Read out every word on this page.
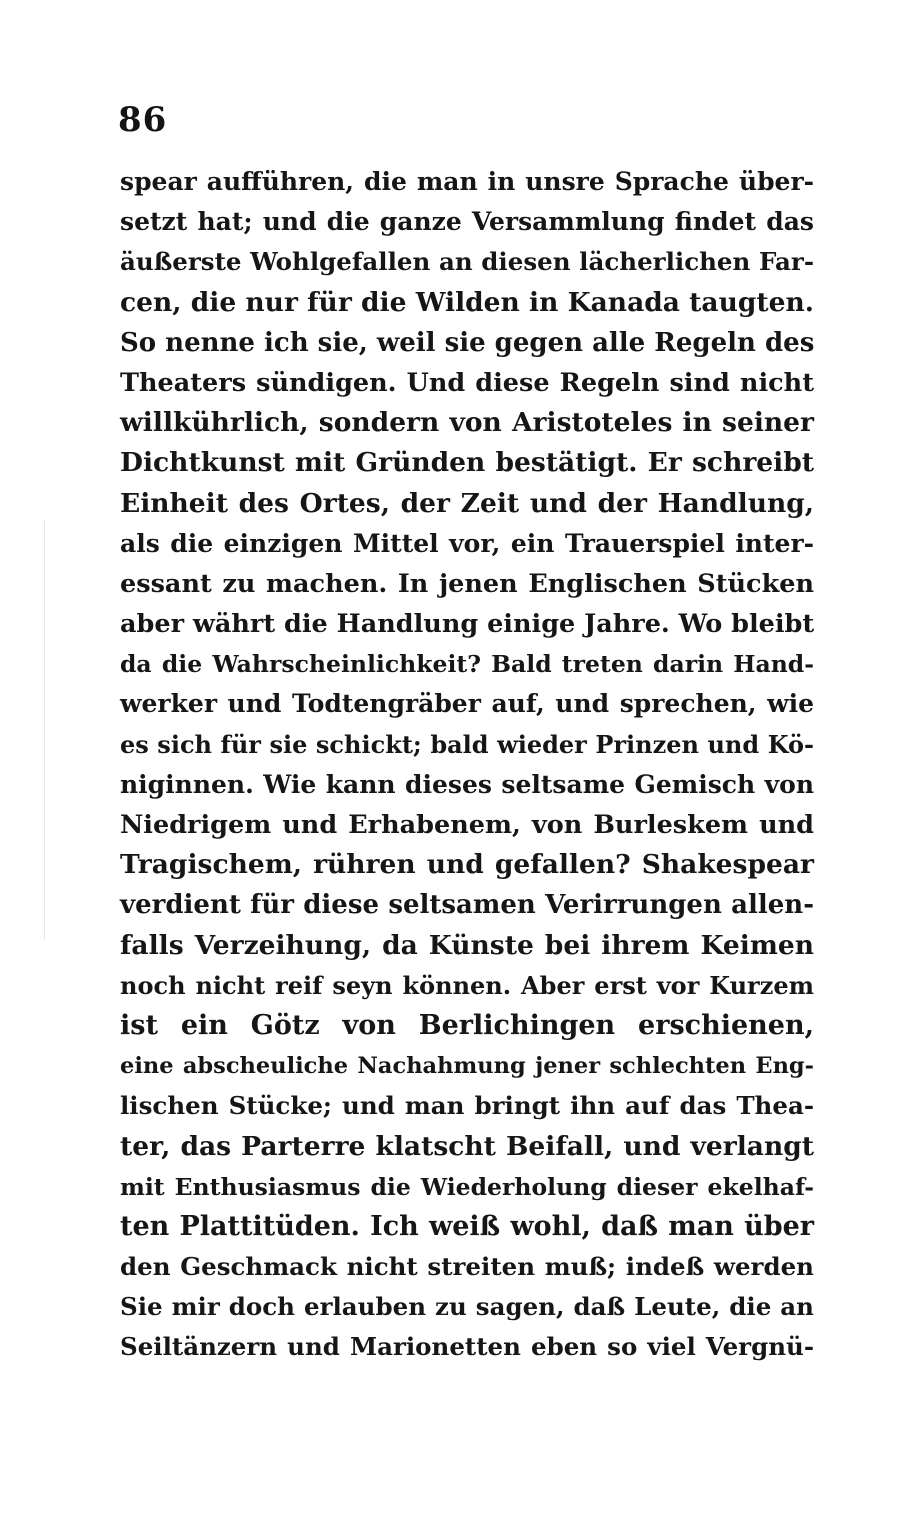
86
spear aufführen, die man in unsre Sprache über-
setzt hat; und die ganze Versammlung findet das
äußerste Wohlgefallen an diesen lächerlichen Far-
cen, die nur für die Wilden in Kanada taugten.
So nenne ich sie, weil sie gegen alle Regeln des
Theaters sündigen. Und diese Regeln sind nicht
willkührlich, sondern von Aristoteles in seiner
Dichtkunst mit Gründen bestätigt. Er schreibt
Einheit des Ortes, der Zeit und der Handlung,
als die einzigen Mittel vor, ein Trauerspiel inter-
essant zu machen. In jenen Englischen Stücken
aber währt die Handlung einige Jahre. Wo bleibt
da die Wahrscheinlichkeit? Bald treten darin Hand-
werker und Todtengräber auf, und sprechen, wie
es sich für sie schickt; bald wieder Prinzen und Kö-
niginnen. Wie kann dieses seltsame Gemisch von
Niedrigem und Erhabenem, von Burleskem und
Tragischem, rühren und gefallen? Shakespear
verdient für diese seltsamen Verirrungen allen-
falls Verzeihung, da Künste bei ihrem Keimen
noch nicht reif seyn können. Aber erst vor Kurzem
ist ein Götz von Berlichingen erschienen,
eine abscheuliche Nachahmung jener schlechten Eng-
lischen Stücke; und man bringt ihn auf das Thea-
ter, das Parterre klatscht Beifall, und verlangt
mit Enthusiasmus die Wiederholung dieser ekelhaf-
ten Plattitüden. Ich weiß wohl, daß man über
den Geschmack nicht streiten muß; indeß werden
Sie mir doch erlauben zu sagen, daß Leute, die an
Seiltänzern und Marionetten eben so viel Vergnü-
